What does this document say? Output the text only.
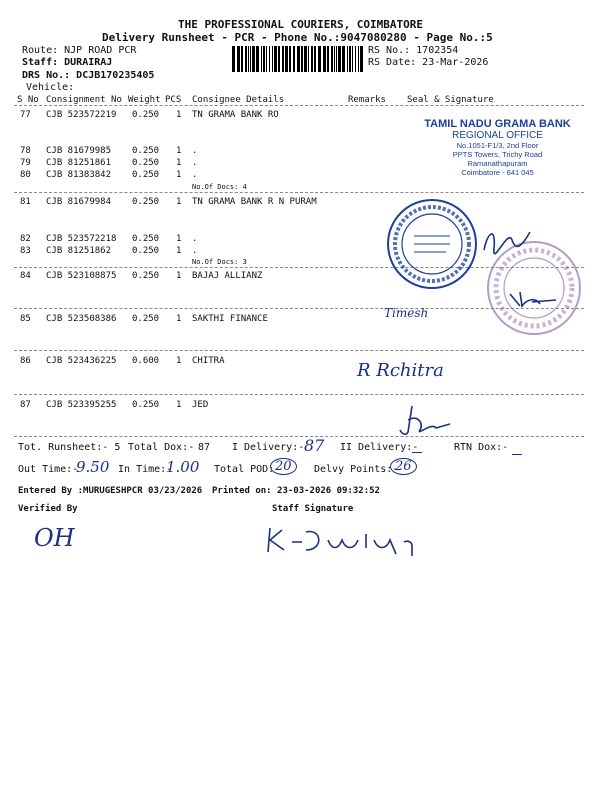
THE PROFESSIONAL COURIERS, COIMBATORE
Delivery Runsheet - PCR - Phone No.:9047080280 - Page No.:5
Route: NJP ROAD PCR
Staff: DURAIRAJ
DRS No.: DCJB170235405
Vehicle:
RS No.: 1702354
RS Date: 23-Mar-2026
S No Consignment No Weight PCS Consignee Details	Remarks Seal & Signature
77 CJB 523572219 0.250 1 TN GRAMA BANK RO
78 CJB 81679985 0.250 1 .
79 CJB 81251861 0.250 1 .
80 CJB 81383842 0.250 1 .
No.Of Docs: 4
81 CJB 81679984 0.250 1 TN GRAMA BANK R N PURAM
82 CJB 523572218 0.250 1 .
83 CJB 81251862 0.250 1 .
No.Of Docs: 3
84 CJB 523108875 0.250 1 BAJAJ ALLIANZ
85 CJB 523508386 0.250 1 SAKTHI FINANCE
86 CJB 523436225 0.600 1 CHITRA
87 CJB 523395255 0.250 1 JED
TAMIL NADU GRAMA BANK
REGIONAL OFFICE
No.1051-F1/3, 2nd Floor
PPTS Towers, Trichy Road
Ramanathapuram
Coimbatore - 641 045
Timesh
R Rchitra
Tot. Runsheet:- 5 Total Dox:- 87 I Delivery:- 87 II Delivery:-	RTN Dox:-
Out Time:-
9.50 In Time:-
1.00 Total POD:-
20	Delvy Points:-
26
Entered By :MURUGESHPCR 03/23/2026 Printed on: 23-03-2026 09:32:52
Verified By	Staff Signature
OH
